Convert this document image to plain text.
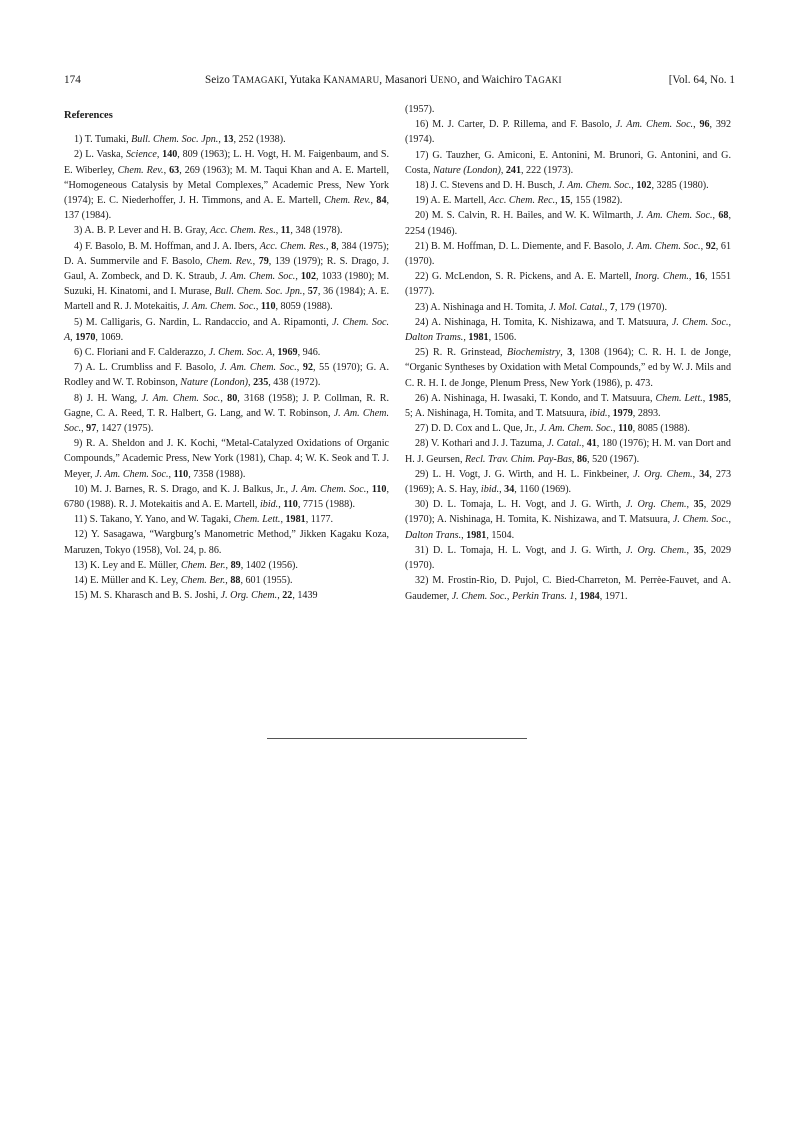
174	Seizo TAMAGAKI, Yutaka KANAMARU, Masanori UENO, and Waichiro TAGAKI	[Vol. 64, No. 1
References

1) T. Tumaki, Bull. Chem. Soc. Jpn., 13, 252 (1938).

2) L. Vaska, Science, 140, 809 (1963); L. H. Vogt, H. M. Faigenbaum, and S. E. Wiberley, Chem. Rev., 63, 269 (1963); M. M. Taqui Khan and A. E. Martell, “Homogeneous Catalysis by Metal Complexes,” Academic Press, New York (1974); E. C. Niederhoffer, J. H. Timmons, and A. E. Martell, Chem. Rev., 84, 137 (1984).

3) A. B. P. Lever and H. B. Gray, Acc. Chem. Res., 11, 348 (1978).

4) F. Basolo, B. M. Hoffman, and J. A. Ibers, Acc. Chem. Res., 8, 384 (1975); D. A. Summervile and F. Basolo, Chem. Rev., 79, 139 (1979); R. S. Drago, J. Gaul, A. Zombeck, and D. K. Straub, J. Am. Chem. Soc., 102, 1033 (1980); M. Suzuki, H. Kinatomi, and I. Murase, Bull. Chem. Soc. Jpn., 57, 36 (1984); A. E. Martell and R. J. Motekaitis, J. Am. Chem. Soc., 110, 8059 (1988).

5) M. Calligaris, G. Nardin, L. Randaccio, and A. Ripamonti, J. Chem. Soc. A, 1970, 1069.

6) C. Floriani and F. Calderazzo, J. Chem. Soc. A, 1969, 946.

7) A. L. Crumbliss and F. Basolo, J. Am. Chem. Soc., 92, 55 (1970); G. A. Rodley and W. T. Robinson, Nature (London), 235, 438 (1972).

8) J. H. Wang, J. Am. Chem. Soc., 80, 3168 (1958); J. P. Collman, R. R. Gagne, C. A. Reed, T. R. Halbert, G. Lang, and W. T. Robinson, J. Am. Chem. Soc., 97, 1427 (1975).

9) R. A. Sheldon and J. K. Kochi, “Metal-Catalyzed Oxidations of Organic Compounds,” Academic Press, New York (1981), Chap. 4; W. K. Seok and T. J. Meyer, J. Am. Chem. Soc., 110, 7358 (1988).

10) M. J. Barnes, R. S. Drago, and K. J. Balkus, Jr., J. Am. Chem. Soc., 110, 6780 (1988). R. J. Motekaitis and A. E. Martell, ibid., 110, 7715 (1988).

11) S. Takano, Y. Yano, and W. Tagaki, Chem. Lett., 1981, 1177.

12) Y. Sasagawa, “Wargburg’s Manometric Method,” Jikken Kagaku Koza, Maruzen, Tokyo (1958), Vol. 24, p. 86.

13) K. Ley and E. Müller, Chem. Ber., 89, 1402 (1956).

14) E. Müller and K. Ley, Chem. Ber., 88, 601 (1955).

15) M. S. Kharasch and B. S. Joshi, J. Org. Chem., 22, 1439

(1957).

16) M. J. Carter, D. P. Rillema, and F. Basolo, J. Am. Chem. Soc., 96, 392 (1974).

17) G. Tauzher, G. Amiconi, E. Antonini, M. Brunori, G. Antonini, and G. Costa, Nature (London), 241, 222 (1973).

18) J. C. Stevens and D. H. Busch, J. Am. Chem. Soc., 102, 3285 (1980).

19) A. E. Martell, Acc. Chem. Rec., 15, 155 (1982).

20) M. S. Calvin, R. H. Bailes, and W. K. Wilmarth, J. Am. Chem. Soc., 68, 2254 (1946).

21) B. M. Hoffman, D. L. Diemente, and F. Basolo, J. Am. Chem. Soc., 92, 61 (1970).

22) G. McLendon, S. R. Pickens, and A. E. Martell, Inorg. Chem., 16, 1551 (1977).

23) A. Nishinaga and H. Tomita, J. Mol. Catal., 7, 179 (1970).

24) A. Nishinaga, H. Tomita, K. Nishizawa, and T. Matsuura, J. Chem. Soc., Dalton Trams., 1981, 1506.

25) R. R. Grinstead, Biochemistry, 3, 1308 (1964); C. R. H. I. de Jonge, “Organic Syntheses by Oxidation with Metal Compounds,” ed by W. J. Mils and C. R. H. I. de Jonge, Plenum Press, New York (1986), p. 473.

26) A. Nishinaga, H. Iwasaki, T. Kondo, and T. Matsuura, Chem. Lett., 1985, 5; A. Nishinaga, H. Tomita, and T. Matsuura, ibid., 1979, 2893.

27) D. D. Cox and L. Que, Jr., J. Am. Chem. Soc., 110, 8085 (1988).

28) V. Kothari and J. J. Tazuma, J. Catal., 41, 180 (1976); H. M. van Dort and H. J. Geursen, Recl. Trav. Chim. Pay-Bas, 86, 520 (1967).

29) L. H. Vogt, J. G. Wirth, and H. L. Finkbeiner, J. Org. Chem., 34, 273 (1969); A. S. Hay, ibid., 34, 1160 (1969).

30) D. L. Tomaja, L. H. Vogt, and J. G. Wirth, J. Org. Chem., 35, 2029 (1970); A. Nishinaga, H. Tomita, K. Nishizawa, and T. Matsuura, J. Chem. Soc., Dalton Trans., 1981, 1504.

31) D. L. Tomaja, H. L. Vogt, and J. G. Wirth, J. Org. Chem., 35, 2029 (1970).

32) M. Frostin-Rio, D. Pujol, C. Bied-Charreton, M. Perrèe-Fauvet, and A. Gaudemer, J. Chem. Soc., Perkin Trans. 1, 1984, 1971.
